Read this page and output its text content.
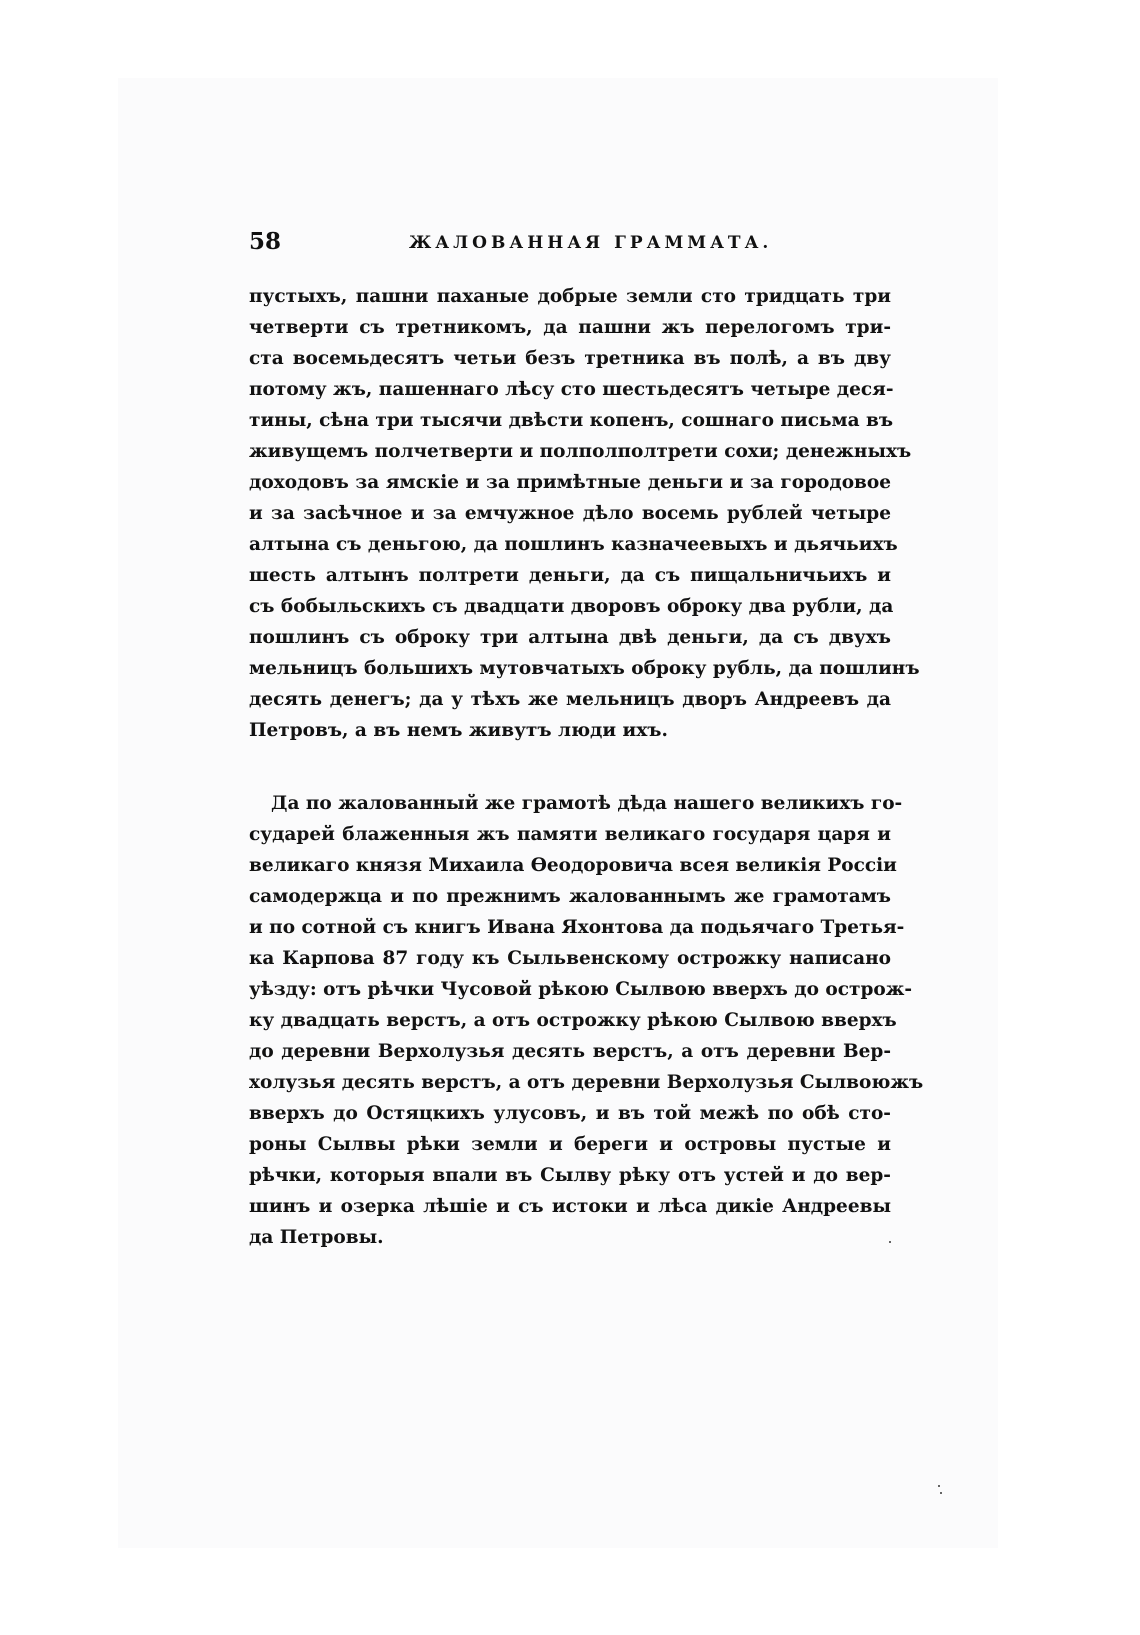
58	ЖАЛОВАННАЯ ГРАММАТА.
пустыхъ, пашни паханые добрые земли сто тридцать три
четверти съ третникомъ, да пашни жъ перелогомъ три-
ста восемьдесятъ четьи безъ третника въ полѣ, а въ дву
потому жъ, пашеннаго лѣсу сто шестьдесятъ четыре деся-
тины, сѣна три тысячи двѣсти копенъ, сошнаго письма въ
живущемъ полчетверти и полполполтрети сохи; денежныхъ
доходовъ за ямскіе и за примѣтные деньги и за городовое
и за засѣчное и за емчужное дѣло восемь рублей четыре
алтына съ деньгою, да пошлинъ казначеевыхъ и дьячьихъ
шесть алтынъ полтрети деньги, да съ пищальничьихъ и
съ бобыльскихъ съ двадцати дворовъ оброку два рубли, да
пошлинъ съ оброку три алтына двѣ деньги, да съ двухъ
мельницъ большихъ мутовчатыхъ оброку рубль, да пошлинъ
десять денегъ; да у тѣхъ же мельницъ дворъ Андреевъ да
Петровъ, а въ немъ живутъ люди ихъ.
Да по жалованный же грамотѣ дѣда нашего великихъ го-
сударей блаженныя жъ памяти великаго государя царя и
великаго князя Михаила Ѳеодоровича всея великія Россіи
самодержца и по прежнимъ жалованнымъ же грамотамъ
и по сотной съ книгъ Ивана Яхонтова да подьячаго Третья-
ка Карпова 87 году къ Сыльвенскому острожку написано
уѣзду: отъ рѣчки Чусовой рѣкою Сылвою вверхъ до острож-
ку двадцать верстъ, а отъ острожку рѣкою Сылвою вверхъ
до деревни Верхолузья десять верстъ, а отъ деревни Вер-
холузья десять верстъ, а отъ деревни Верхолузья Сылвоюжъ
вверхъ до Остяцкихъ улусовъ, и въ той межѣ по обѣ сто-
роны Сылвы рѣки земли и береги и островы пустые и
рѣчки, которыя впали въ Сылву рѣку отъ устей и до вер-
шинъ и озерка лѣшіе и съ истоки и лѣса дикіе Андреевы
да Петровы.
